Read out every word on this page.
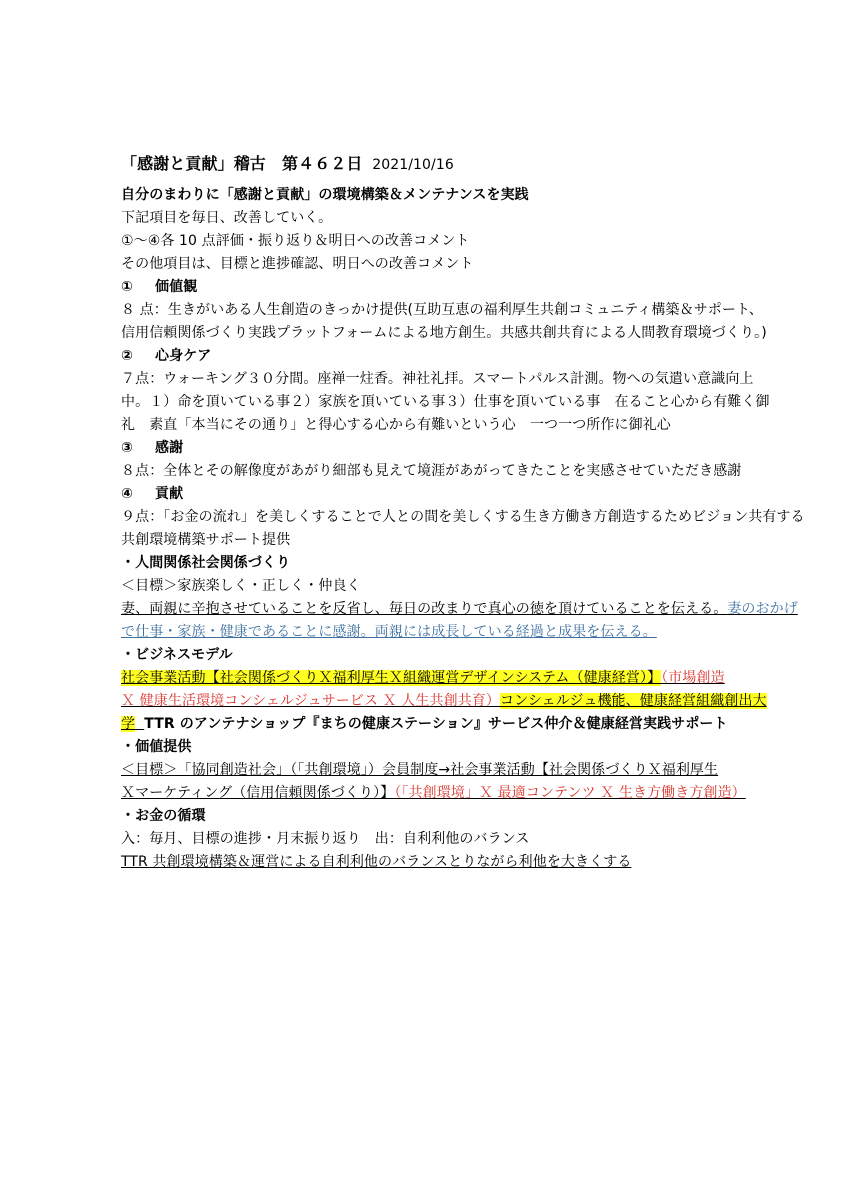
「感謝と貢献」稽古　第４６２日 2021/10/16
自分のまわりに「感謝と貢献」の環境構築＆メンテナンスを実践
下記項目を毎日、改善していく。
①～④各 10 点評価・振り返り＆明日への改善コメント
その他項目は、目標と進捗確認、明日への改善コメント
① 価値観
８ 点：生きがいある人生創造のきっかけ提供(互助互恵の福利厚生共創コミュニティ構築＆サポート、
信用信頼関係づくり実践プラットフォームによる地方創生。共感共創共育による人間教育環境づくり。)
② 心身ケア
７点：ウォーキング３０分間。座禅一炷香。神社礼拝。スマートパルス計測。物への気遣い意識向上
中。１）命を頂いている事２）家族を頂いている事３）仕事を頂いている事　在ること心から有難く御
礼　素直「本当にその通り」と得心する心から有難いという心　一つ一つ所作に御礼心
③ 感謝
８点：全体とその解像度があがり細部も見えて境涯があがってきたことを実感させていただき感謝
④ 貢献
９点：「お金の流れ」を美しくすることで人との間を美しくする生き方働き方創造するためビジョン共有する
共創環境構築サポート提供
・人間関係社会関係づくり
＜目標＞家族楽しく・正しく・仲良く
妻、両親に辛抱させていることを反省し、毎日の改まりで真心の徳を頂けていることを伝える。妻のおかげ
で仕事・家族・健康であることに感謝。両親には成長している経過と成果を伝える。
・ビジネスモデル
社会事業活動【社会関係づくりＸ福利厚生Ｘ組織運営デザインシステム（健康経営）】（市場創造
Ｘ 健康生活環境コンシェルジュサービス Ｘ 人生共創共育）コンシェルジュ機能、健康経営組織創出大
学 TTR のアンテナショップ『まちの健康ステーション』サービス仲介＆健康経営実践サポート
・価値提供
＜目標＞「協同創造社会」（「共創環境」）会員制度→社会事業活動【社会関係づくりＸ福利厚生
Ｘマーケティング（信用信頼関係づくり）】（「共創環境」Ｘ 最適コンテンツ Ｘ 生き方働き方創造）
・お金の循環
入：毎月、目標の進捗・月末振り返り　出：自利利他のバランス
TTR 共創環境構築＆運営による自利利他のバランスとりながら利他を大きくする
